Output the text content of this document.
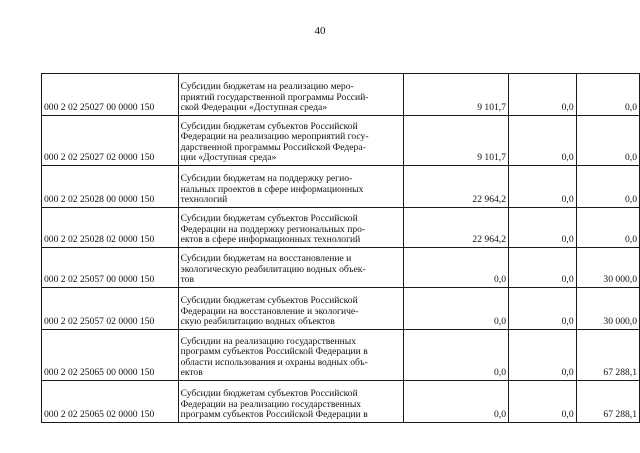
40
000 2 02 25027 00 0000 150	Субсидии бюджетам на реализацию меро-
приятий государственной программы Россий-
ской Федерации «Доступная среда»	9 101,7	0,0	0,0
000 2 02 25027 02 0000 150	Субсидии бюджетам субъектов Российской
Федерации на реализацию мероприятий госу-
дарственной программы Российской Федера-
ции «Доступная среда»	9 101,7	0,0	0,0
000 2 02 25028 00 0000 150	Субсидии бюджетам на поддержку регио-
нальных проектов в сфере информационных
технологий	22 964,2	0,0	0,0
000 2 02 25028 02 0000 150	Субсидии бюджетам субъектов Российской
Федерации на поддержку региональных про-
ектов в сфере информационных технологий	22 964,2	0,0	0,0
000 2 02 25057 00 0000 150	Субсидии бюджетам на восстановление и
экологическую реабилитацию водных объек-
тов	0,0	0,0	30 000,0
000 2 02 25057 02 0000 150	Субсидии бюджетам субъектов Российской
Федерации на восстановление и экологиче-
скую реабилитацию водных объектов	0,0	0,0	30 000,0
000 2 02 25065 00 0000 150	Субсидии на реализацию государственных
программ субъектов Российской Федерации в
области использования и охраны водных объ-
ектов	0,0	0,0	67 288,1
000 2 02 25065 02 0000 150	Субсидии бюджетам субъектов Российской
Федерации на реализацию государственных
программ субъектов Российской Федерации в	0,0	0,0	67 288,1
